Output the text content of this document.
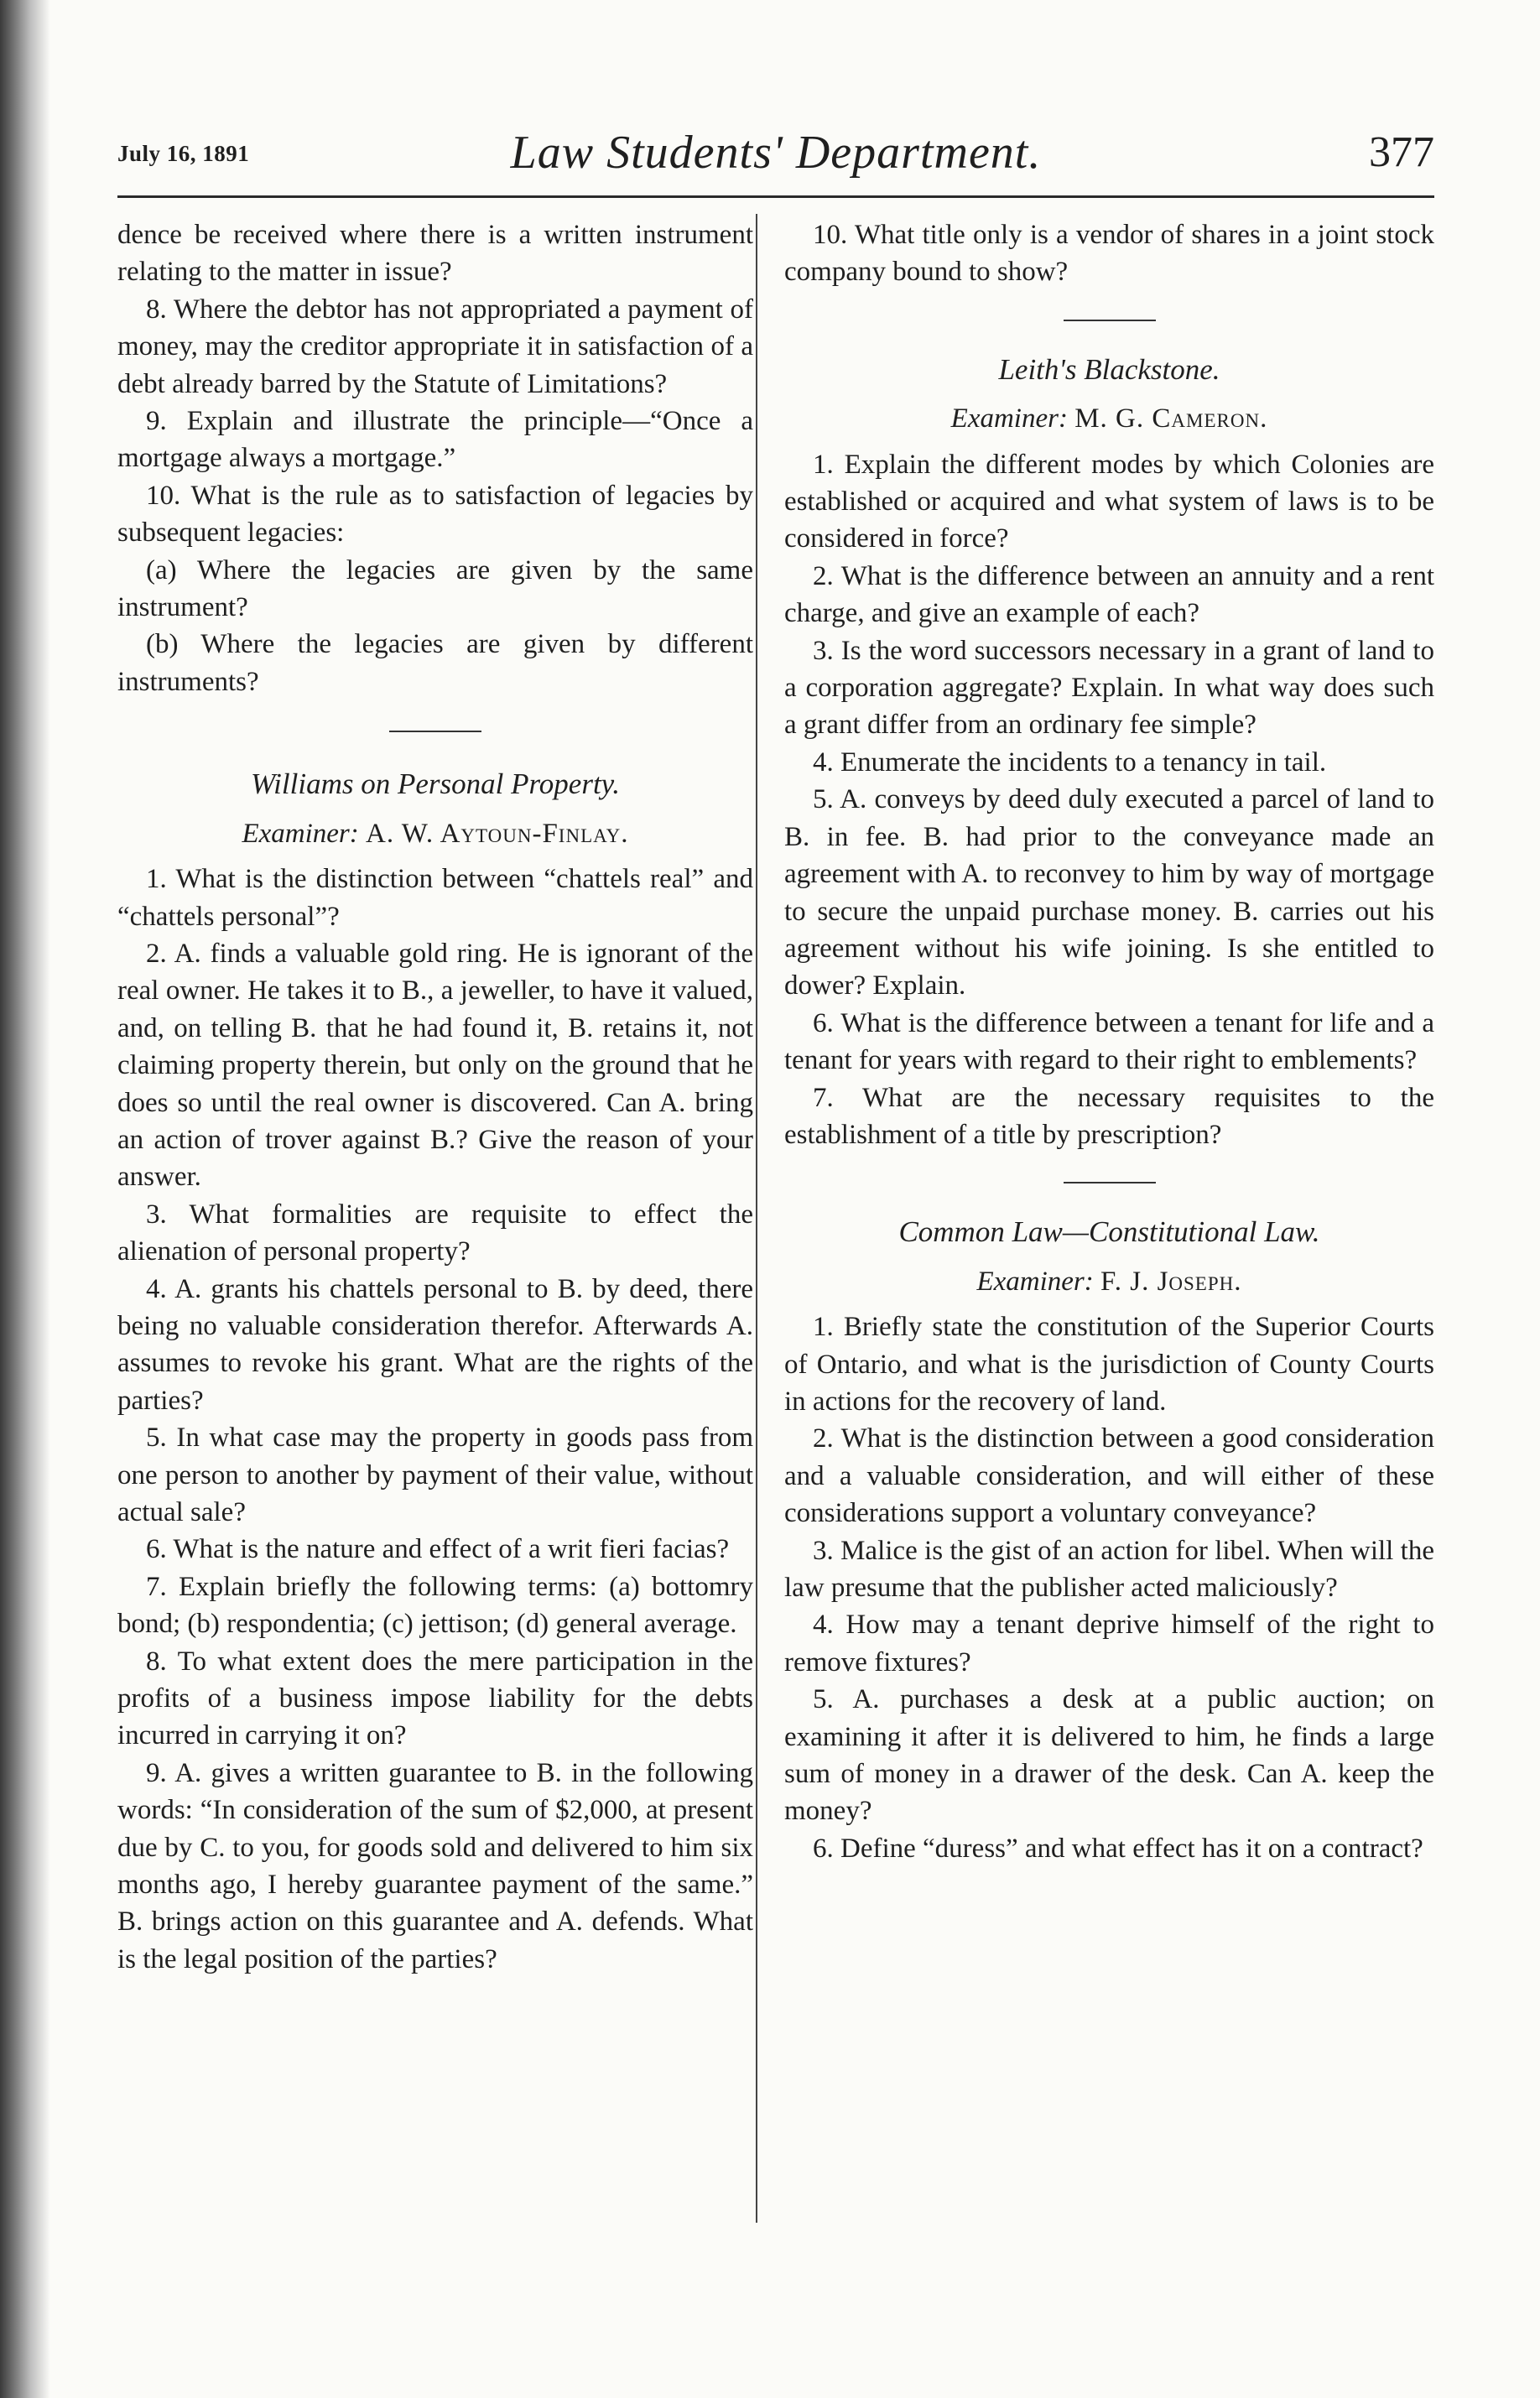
July 16, 1891	Law Students' Department.	377

dence be received where there is a written instrument relating to the matter in issue?

8. Where the debtor has not appropriated a payment of money, may the creditor appropriate it in satisfaction of a debt already barred by the Statute of Limitations?

9. Explain and illustrate the principle—“Once a mortgage always a mortgage.”

10. What is the rule as to satisfaction of legacies by subsequent legacies:

(a) Where the legacies are given by the same instrument?

(b) Where the legacies are given by different instruments?

Williams on Personal Property.
Examiner: A. W. Aytoun-Finlay.

1. What is the distinction between “chattels real” and “chattels personal”?

2. A. finds a valuable gold ring. He is ignorant of the real owner. He takes it to B., a jeweller, to have it valued, and, on telling B. that he had found it, B. retains it, not claiming property therein, but only on the ground that he does so until the real owner is discovered. Can A. bring an action of trover against B.? Give the reason of your answer.

3. What formalities are requisite to effect the alienation of personal property?

4. A. grants his chattels personal to B. by deed, there being no valuable consideration therefor. Afterwards A. assumes to revoke his grant. What are the rights of the parties?

5. In what case may the property in goods pass from one person to another by payment of their value, without actual sale?

6. What is the nature and effect of a writ fieri facias?

7. Explain briefly the following terms: (a) bottomry bond; (b) respondentia; (c) jettison; (d) general average.

8. To what extent does the mere participation in the profits of a business impose liability for the debts incurred in carrying it on?

9. A. gives a written guarantee to B. in the following words: “In consideration of the sum of $2,000, at present due by C. to you, for goods sold and delivered to him six months ago, I hereby guarantee payment of the same.” B. brings action on this guarantee and A. defends. What is the legal position of the parties?

10. What title only is a vendor of shares in a joint stock company bound to show?

Leith's Blackstone.
Examiner: M. G. Cameron.

1. Explain the different modes by which Colonies are established or acquired and what system of laws is to be considered in force?

2. What is the difference between an annuity and a rent charge, and give an example of each?

3. Is the word successors necessary in a grant of land to a corporation aggregate? Explain. In what way does such a grant differ from an ordinary fee simple?

4. Enumerate the incidents to a tenancy in tail.

5. A. conveys by deed duly executed a parcel of land to B. in fee. B. had prior to the conveyance made an agreement with A. to reconvey to him by way of mortgage to secure the unpaid purchase money. B. carries out his agreement without his wife joining. Is she entitled to dower? Explain.

6. What is the difference between a tenant for life and a tenant for years with regard to their right to emblements?

7. What are the necessary requisites to the establishment of a title by prescription?

Common Law—Constitutional Law.
Examiner: F. J. Joseph.

1. Briefly state the constitution of the Superior Courts of Ontario, and what is the jurisdiction of County Courts in actions for the recovery of land.

2. What is the distinction between a good consideration and a valuable consideration, and will either of these considerations support a voluntary conveyance?

3. Malice is the gist of an action for libel. When will the law presume that the publisher acted maliciously?

4. How may a tenant deprive himself of the right to remove fixtures?

5. A. purchases a desk at a public auction; on examining it after it is delivered to him, he finds a large sum of money in a drawer of the desk. Can A. keep the money?

6. Define “duress” and what effect has it on a contract?
